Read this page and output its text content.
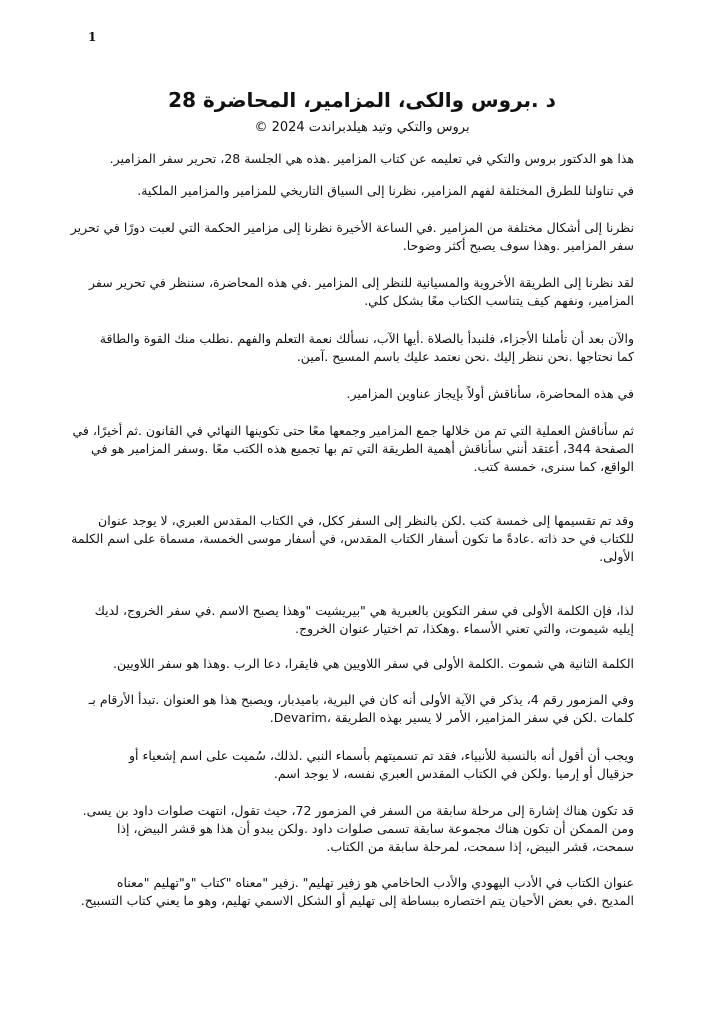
1
د .بروس والكى، المزامير، المحاضرة 28
بروس والتكي وتيد هيلدبراندت 2024 ©
هذا هو الدكتور بروس والتكي في تعليمه عن كتاب المزامير .هذه هي الجلسة 28، تحرير سفر المزامير.
في تناولنا للطرق المختلفة لفهم المزامير، نظرنا إلى السياق التاريخي للمزامير والمزامير الملكية.
نظرنا إلى أشكال مختلفة من المزامير .في الساعة الأخيرة نظرنا إلى مزامير الحكمة التي لعبت دورًا في تحرير
سفر المزامير .وهذا سوف يصبح أكثر وضوحا.
لقد نظرنا إلى الطريقة الأخروية والمسيانية للنظر إلى المزامير .في هذه المحاضرة، سننظر في تحرير سفر
المزامير، ونفهم كيف يتناسب الكتاب معًا بشكل كلي.
والآن بعد أن تأملنا الأجزاء، فلنبدأ بالصلاة .أيها الآب، نسألك نعمة التعلم والفهم .نطلب منك القوة والطاقة
كما نحتاجها .نحن ننظر إليك .نحن نعتمد عليك باسم المسيح .آمين.
في هذه المحاضرة، سأناقش أولاً بإيجاز عناوين المزامير.
ثم سأناقش العملية التي تم من خلالها جمع المزامير وجمعها معًا حتى تكوينها النهائي في القانون .ثم أخيرًا، في
الصفحة 344، أعتقد أنني سأناقش أهمية الطريقة التي تم بها تجميع هذه الكتب معًا .وسفر المزامير هو في
الواقع، كما سنرى، خمسة كتب.
وقد تم تقسيمها إلى خمسة كتب .لكن بالنظر إلى السفر ككل، في الكتاب المقدس العبري، لا يوجد عنوان
للكتاب في حد ذاته .عادةً ما تكون أسفار الكتاب المقدس، في أسفار موسى الخمسة، مسماة على اسم الكلمة
الأولى.
لذا، فإن الكلمة الأولى في سفر التكوين بالعبرية هي "بيريشيت "وهذا يصبح الاسم .في سفر الخروج، لديك
إيليه شيموت، والتي تعني الأسماء .وهكذا، تم اختيار عنوان الخروج.
الكلمة الثانية هي شموت .الكلمة الأولى في سفر اللاويين هي فايقرا، دعا الرب .وهذا هو سفر اللاويين.
وفي المزمور رقم 4، يذكر في الآية الأولى أنه كان في البرية، باميدبار، ويصبح هذا هو العنوان .تبدأ الأرقام بـ
كلمات .لكن في سفر المزامير، الأمر لا يسير بهذه الطريقة ،Devarim.
ويجب أن أقول أنه بالنسبة للأنبياء، فقد تم تسميتهم بأسماء النبي .لذلك، سُميت على اسم إشعياء أو
حزقيال أو إرميا .ولكن في الكتاب المقدس العبري نفسه، لا يوجد اسم.
قد تكون هناك إشارة إلى مرحلة سابقة من السفر في المزمور 72، حيث تقول، انتهت صلوات داود بن يسى.
ومن الممكن أن تكون هناك مجموعة سابقة تسمى صلوات داود .ولكن يبدو أن هذا هو قشر البيض، إذا
سمحت، قشر البيض، إذا سمحت، لمرحلة سابقة من الكتاب.
عنوان الكتاب في الأدب اليهودي والأدب الحاخامي هو زفير تهليم" .زفير "معناه "كتاب "و"تهليم "معناه
المديح .في بعض الأحيان يتم اختصاره ببساطة إلى تهليم أو الشكل الاسمي تهليم، وهو ما يعني كتاب التسبيح.
